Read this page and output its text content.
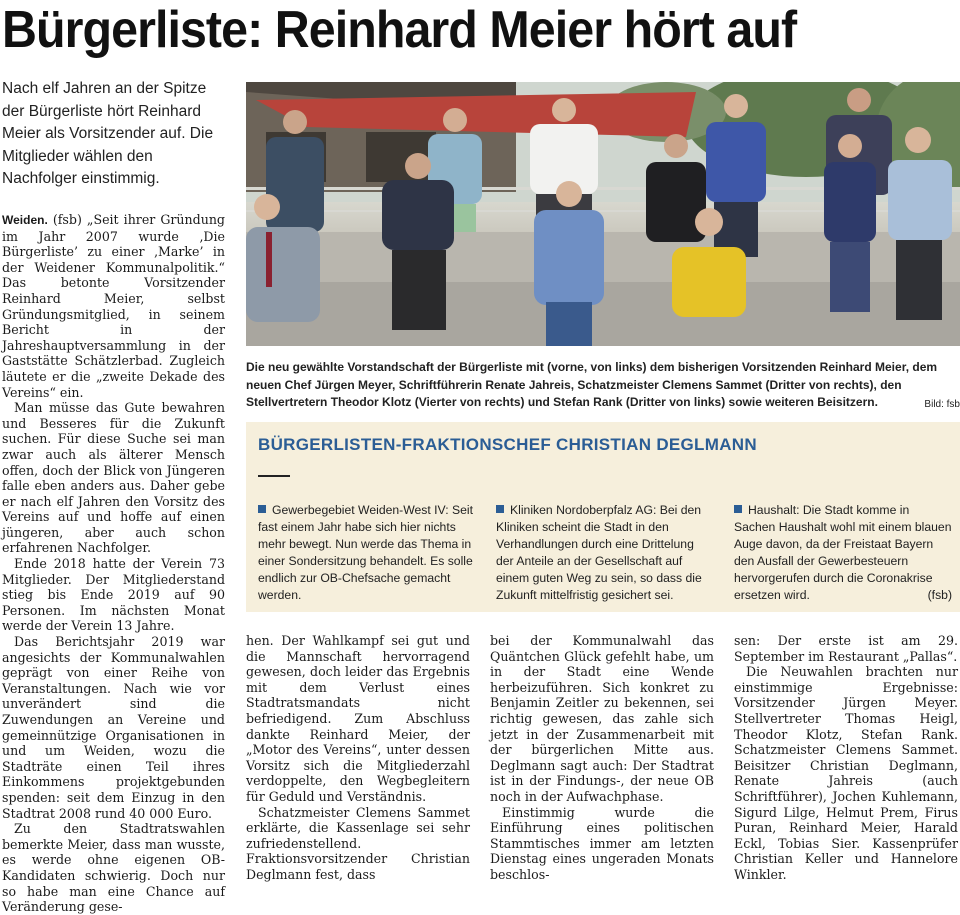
Bürgerliste: Reinhard Meier hört auf
Nach elf Jahren an der Spitze der Bürgerliste hört Reinhard Meier als Vorsitzender auf. Die Mitglieder wählen den Nachfolger einstimmig.

Weiden. (fsb) „Seit ihrer Gründung im Jahr 2007 wurde ‚Die Bürgerliste’ zu einer ‚Marke’ in der Weidener Kommunalpolitik.“ Das betonte Vorsitzender Reinhard Meier, selbst Gründungsmitglied, in seinem Bericht in der Jahreshauptversammlung in der Gaststätte Schätzlerbad. Zugleich läutete er die „zweite Dekade des Vereins“ ein.

Man müsse das Gute bewahren und Besseres für die Zukunft suchen. Für diese Suche sei man zwar auch als älterer Mensch offen, doch der Blick von Jüngeren falle eben anders aus. Daher gebe er nach elf Jahren den Vorsitz des Vereins auf und hoffe auf einen jüngeren, aber auch schon erfahrenen Nachfolger.

Ende 2018 hatte der Verein 73 Mitglieder. Der Mitgliederstand stieg bis Ende 2019 auf 90 Personen. Im nächsten Monat werde der Verein 13 Jahre.

Das Berichtsjahr 2019 war angesichts der Kommunalwahlen geprägt von einer Reihe von Veranstaltungen. Nach wie vor unverändert sind die Zuwendungen an Vereine und gemeinnützige Organisationen in und um Weiden, wozu die Stadträte einen Teil ihres Einkommens projektgebunden spenden: seit dem Einzug in den Stadtrat 2008 rund 40 000 Euro.

Zu den Stadtratswahlen bemerkte Meier, dass man wusste, es werde ohne eigenen OB-Kandidaten schwierig. Doch nur so habe man eine Chance auf Veränderung gese-

Die neu gewählte Vorstandschaft der Bürgerliste mit (vorne, von links) dem bisherigen Vorsitzenden Reinhard Meier, dem neuen Chef Jürgen Meyer, Schriftführerin Renate Jahreis, Schatzmeister Clemens Sammet (Dritter von rechts), den Stellvertretern Theodor Klotz (Vierter von rechts) und Stefan Rank (Dritter von links) sowie weiteren Beisitzern.	Bild: fsb
BÜRGERLISTEN-FRAKTIONSCHEF CHRISTIAN DEGLMANN
Gewerbegebiet Weiden-West IV: Seit fast einem Jahr habe sich hier nichts mehr bewegt. Nun werde das Thema in einer Sondersitzung behandelt. Es solle endlich zur OB-Chefsache gemacht werden.
Kliniken Nordoberpfalz AG: Bei den Kliniken scheint die Stadt in den Verhandlungen durch eine Drittelung der Anteile an der Gesellschaft auf einem guten Weg zu sein, so dass die Zukunft mittelfristig gesichert sei.
Haushalt: Die Stadt komme in Sachen Haushalt wohl mit einem blauen Auge davon, da der Freistaat Bayern den Ausfall der Gewerbesteuern hervorgerufen durch die Coronakrise ersetzen wird.	(fsb)

hen. Der Wahlkampf sei gut und die Mannschaft hervorragend gewesen, doch leider das Ergebnis mit dem Verlust eines Stadtratsmandats nicht befriedigend. Zum Abschluss dankte Reinhard Meier, der „Motor des Vereins“, unter dessen Vorsitz sich die Mitgliederzahl verdoppelte, den Wegbegleitern für Geduld und Verständnis.

Schatzmeister Clemens Sammet erklärte, die Kassenlage sei sehr zufriedenstellend. Fraktionsvorsitzender Christian Deglmann fest, dass

bei der Kommunalwahl das Quäntchen Glück gefehlt habe, um in der Stadt eine Wende herbeizuführen. Sich konkret zu Benjamin Zeitler zu bekennen, sei richtig gewesen, das zahle sich jetzt in der Zusammenarbeit mit der bürgerlichen Mitte aus. Deglmann sagt auch: Der Stadtrat ist in der Findungs-, der neue OB noch in der Aufwachphase.

Einstimmig wurde die Einführung eines politischen Stammtisches immer am letzten Dienstag eines ungeraden Monats beschlos-

sen: Der erste ist am 29. September im Restaurant „Pallas“.

Die Neuwahlen brachten nur einstimmige Ergebnisse: Vorsitzender Jürgen Meyer. Stellvertreter Thomas Heigl, Theodor Klotz, Stefan Rank. Schatzmeister Clemens Sammet. Beisitzer Christian Deglmann, Renate Jahreis (auch Schriftführer), Jochen Kuhlemann, Sigurd Lilge, Helmut Prem, Firus Puran, Reinhard Meier, Harald Eckl, Tobias Sier. Kassenprüfer Christian Keller und Hannelore Winkler.
